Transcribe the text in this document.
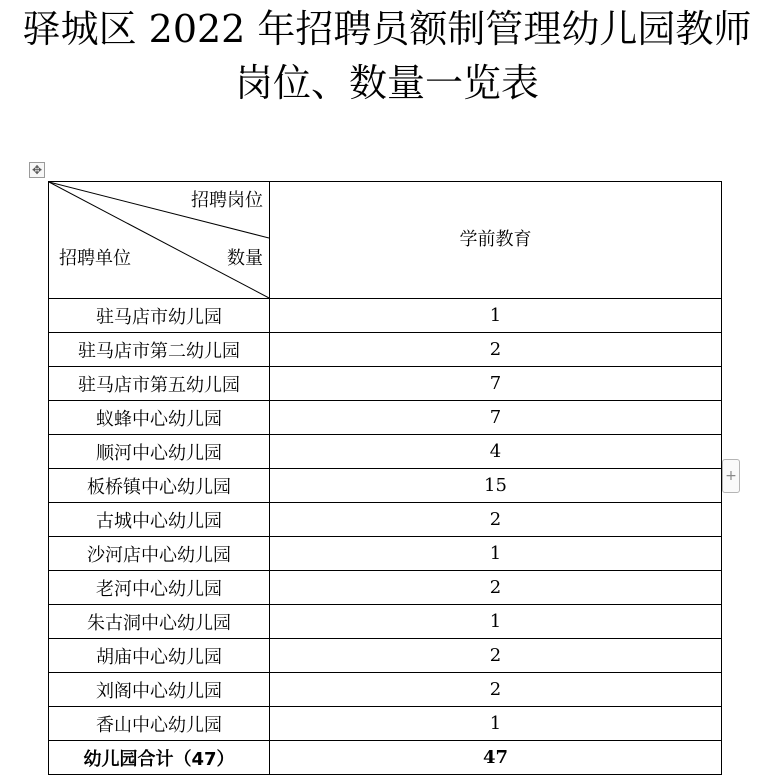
驿城区 2022 年招聘员额制管理幼儿园教师
岗位、数量一览表
✥
+
招聘岗位
数量
招聘单位	学前教育
驻马店市幼儿园	1
驻马店市第二幼儿园	2
驻马店市第五幼儿园	7
蚁蜂中心幼儿园	7
顺河中心幼儿园	4
板桥镇中心幼儿园	15
古城中心幼儿园	2
沙河店中心幼儿园	1
老河中心幼儿园	2
朱古洞中心幼儿园	1
胡庙中心幼儿园	2
刘阁中心幼儿园	2
香山中心幼儿园	1
幼儿园合计（47）	47
